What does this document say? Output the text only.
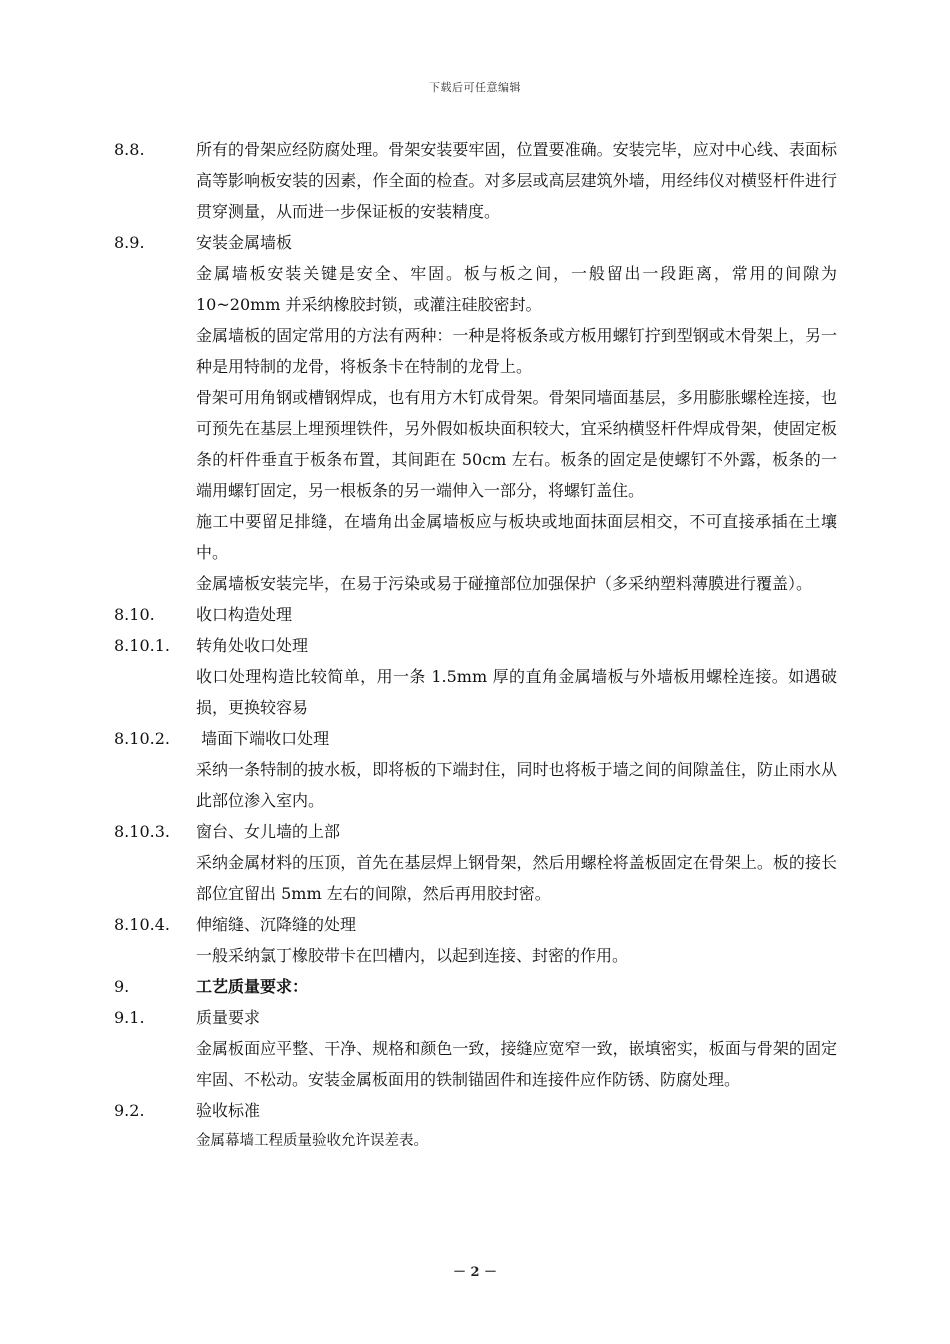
下载后可任意编辑
8.8.	所有的骨架应经防腐处理。骨架安装要牢固，位置要准确。安装完毕，应对中心线、表面标高等影响板安装的因素，作全面的检查。对多层或高层建筑外墙，用经纬仪对横竖杆件进行贯穿测量，从而进一步保证板的安装精度。
8.9.	安装金属墙板
金属墙板安装关键是安全、牢固。板与板之间，一般留出一段距离，常用的间隙为 10~20mm 并采纳橡胶封锁，或灌注硅胶密封。
金属墙板的固定常用的方法有两种：一种是将板条或方板用螺钉拧到型钢或木骨架上，另一种是用特制的龙骨，将板条卡在特制的龙骨上。
骨架可用角钢或槽钢焊成，也有用方木钉成骨架。骨架同墙面基层，多用膨胀螺栓连接，也可预先在基层上埋预埋铁件，另外假如板块面积较大，宜采纳横竖杆件焊成骨架，使固定板条的杆件垂直于板条布置，其间距在 50cm 左右。板条的固定是使螺钉不外露，板条的一端用螺钉固定，另一根板条的另一端伸入一部分，将螺钉盖住。
施工中要留足排缝，在墙角出金属墙板应与板块或地面抹面层相交，不可直接承插在土壤中。
金属墙板安装完毕，在易于污染或易于碰撞部位加强保护（多采纳塑料薄膜进行覆盖）。
8.10.	收口构造处理
8.10.1.	转角处收口处理
收口处理构造比较简单，用一条 1.5mm 厚的直角金属墙板与外墙板用螺栓连接。如遇破损，更换较容易
8.10.2.	墙面下端收口处理
采纳一条特制的披水板，即将板的下端封住，同时也将板于墙之间的间隙盖住，防止雨水从此部位渗入室内。
8.10.3.	窗台、女儿墙的上部
采纳金属材料的压顶，首先在基层焊上钢骨架，然后用螺栓将盖板固定在骨架上。板的接长部位宜留出 5mm 左右的间隙，然后再用胶封密。
8.10.4.	伸缩缝、沉降缝的处理
一般采纳氯丁橡胶带卡在凹槽内，以起到连接、封密的作用。
9.	工艺质量要求：
9.1.	质量要求
金属板面应平整、干净、规格和颜色一致，接缝应宽窄一致，嵌填密实，板面与骨架的固定牢固、不松动。安装金属板面用的铁制锚固件和连接件应作防锈、防腐处理。
9.2.	验收标准
金属幕墙工程质量验收允许误差表。
－ 2 －
